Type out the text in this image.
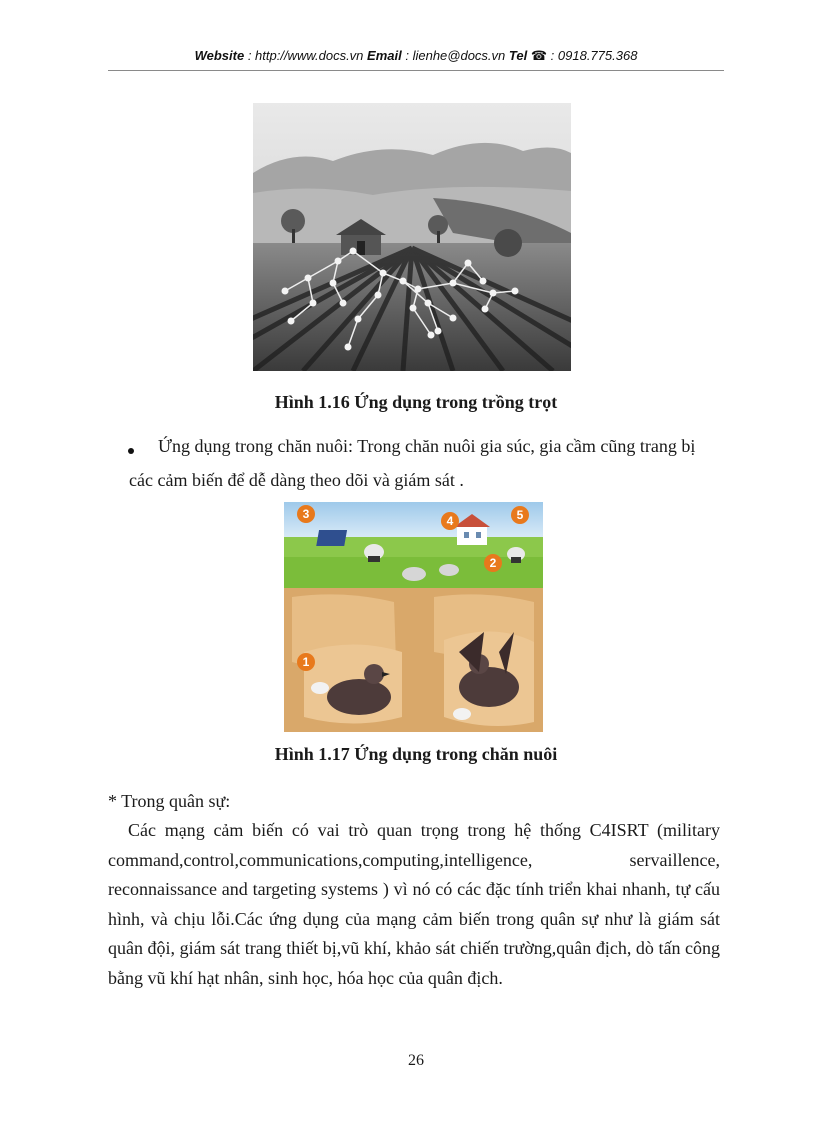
Website : http://www.docs.vn Email : lienhe@docs.vn Tel ☎ : 0918.775.368
Hình 1.16 Ứng dụng trong trồng trọt
Ứng dụng trong chăn nuôi: Trong chăn nuôi gia súc, gia cầm cũng trang bị
các cảm biến để dễ dàng theo dõi và giám sát .
3	4	5
2
1
Hình 1.17 Ứng dụng trong chăn nuôi
* Trong quân sự:
Các mạng cảm biến có vai trò quan trọng trong hệ thống C4ISRT (military command,control,communications,computing,intelligence, servaillence, reconnaissance and targeting systems ) vì nó có các đặc tính triển khai nhanh, tự cấu hình, và chịu lỗi.Các ứng dụng của mạng cảm biến trong quân sự như là giám sát quân đội, giám sát trang thiết bị,vũ khí, khảo sát chiến trường,quân địch, dò tấn công bằng vũ khí hạt nhân, sinh học, hóa học của quân địch.
26
